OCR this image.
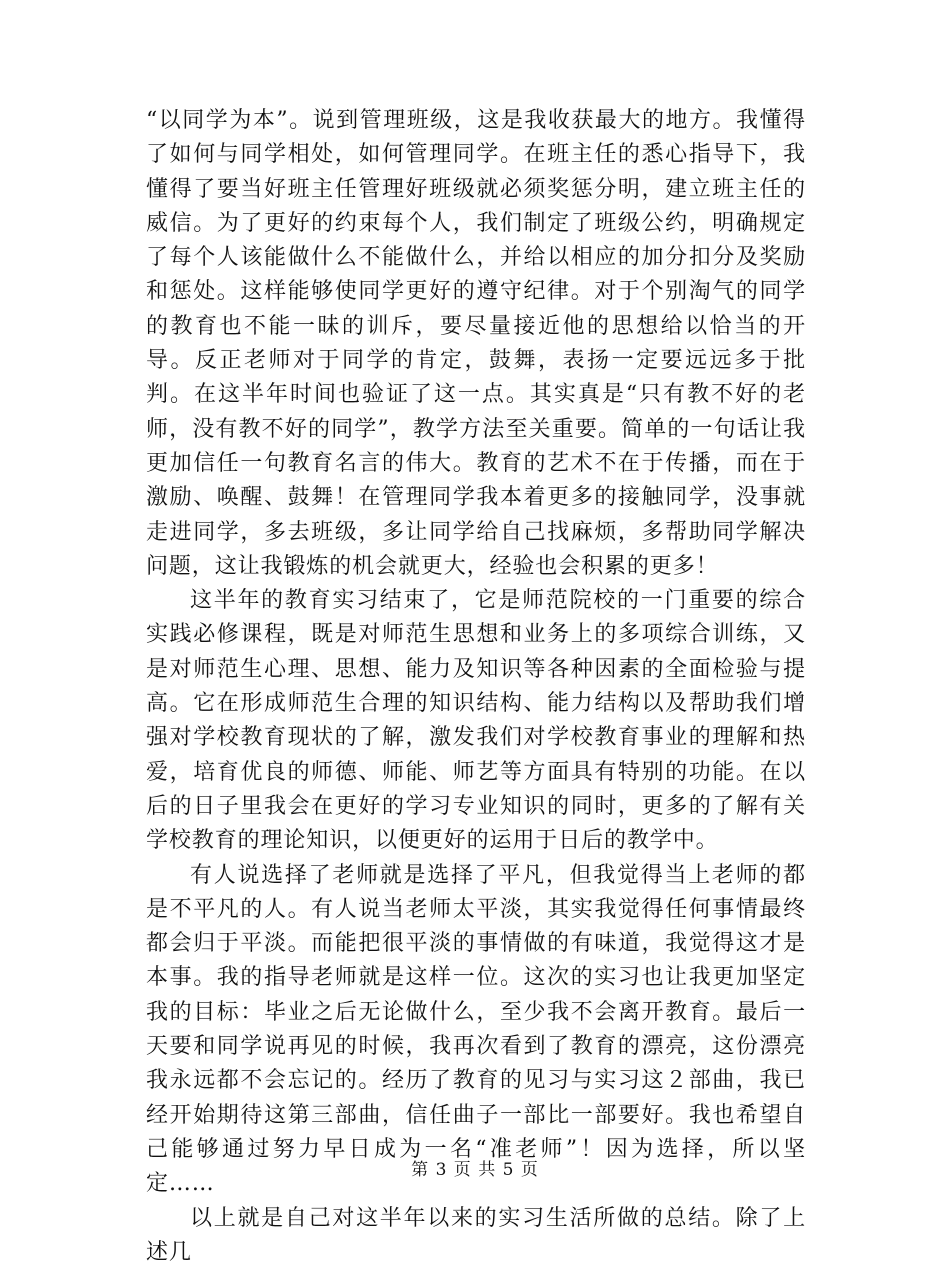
“以同学为本”。说到管理班级，这是我收获最大的地方。我懂得了如何与同学相处，如何管理同学。在班主任的悉心指导下，我懂得了要当好班主任管理好班级就必须奖惩分明，建立班主任的威信。为了更好的约束每个人，我们制定了班级公约，明确规定了每个人该能做什么不能做什么，并给以相应的加分扣分及奖励和惩处。这样能够使同学更好的遵守纪律。对于个别淘气的同学的教育也不能一昧的训斥，要尽量接近他的思想给以恰当的开导。反正老师对于同学的肯定，鼓舞，表扬一定要远远多于批判。在这半年时间也验证了这一点。其实真是“只有教不好的老师，没有教不好的同学”，教学方法至关重要。简单的一句话让我更加信任一句教育名言的伟大。教育的艺术不在于传播，而在于激励、唤醒、鼓舞！在管理同学我本着更多的接触同学，没事就走进同学，多去班级，多让同学给自己找麻烦，多帮助同学解决问题，这让我锻炼的机会就更大，经验也会积累的更多！

这半年的教育实习结束了，它是师范院校的一门重要的综合实践必修课程，既是对师范生思想和业务上的多项综合训练，又是对师范生心理、思想、能力及知识等各种因素的全面检验与提高。它在形成师范生合理的知识结构、能力结构以及帮助我们增强对学校教育现状的了解，激发我们对学校教育事业的理解和热爱，培育优良的师德、师能、师艺等方面具有特别的功能。在以后的日子里我会在更好的学习专业知识的同时，更多的了解有关学校教育的理论知识，以便更好的运用于日后的教学中。

有人说选择了老师就是选择了平凡，但我觉得当上老师的都是不平凡的人。有人说当老师太平淡，其实我觉得任何事情最终都会归于平淡。而能把很平淡的事情做的有味道，我觉得这才是本事。我的指导老师就是这样一位。这次的实习也让我更加坚定我的目标：毕业之后无论做什么，至少我不会离开教育。最后一天要和同学说再见的时候，我再次看到了教育的漂亮，这份漂亮我永远都不会忘记的。经历了教育的见习与实习这２部曲，我已经开始期待这第三部曲，信任曲子一部比一部要好。我也希望自己能够通过努力早日成为一名“准老师”！因为选择，所以坚定……

以上就是自己对这半年以来的实习生活所做的总结。除了上述几

第 3 页 共 5 页
